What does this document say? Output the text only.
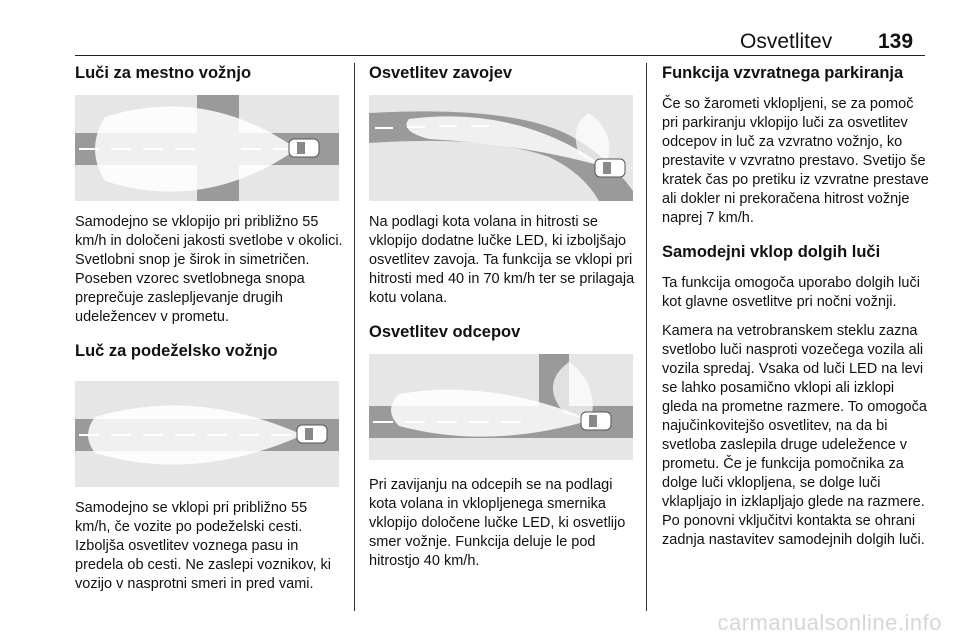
Osvetlitev 139
Luči za mestno vožnjo

Samodejno se vklopijo pri približno 55 km/h in določeni jakosti svetlobe v okolici. Svetlobni snop je širok in simetričen. Poseben vzorec svetlobnega snopa preprečuje zaslepljevanje drugih udeležencev v prometu.

Luč za podeželsko vožnjo

Samodejno se vklopi pri približno 55 km/h, če vozite po podeželski cesti. Izboljša osvetlitev voznega pasu in predela ob cesti. Ne zaslepi voznikov, ki vozijo v nasprotni smeri in pred vami.

Osvetlitev zavojev

Na podlagi kota volana in hitrosti se vklopijo dodatne lučke LED, ki izboljšajo osvetlitev zavoja. Ta funkcija se vklopi pri hitrosti med 40 in 70 km/h ter se prilagaja kotu volana.

Osvetlitev odcepov

Pri zavijanju na odcepih se na podlagi kota volana in vklopljenega smernika vklopijo določene lučke LED, ki osvetlijo smer vožnje. Funkcija deluje le pod hitrostjo 40 km/h.

Funkcija vzvratnega parkiranja

Če so žarometi vklopljeni, se za pomoč pri parkiranju vklopijo luči za osvetlitev odcepov in luč za vzvratno vožnjo, ko prestavite v vzvratno prestavo. Svetijo še kratek čas po pretiku iz vzvratne prestave ali dokler ni prekoračena hitrost vožnje naprej 7 km/h.

Samodejni vklop dolgih luči

Ta funkcija omogoča uporabo dolgih luči kot glavne osvetlitve pri nočni vožnji.

Kamera na vetrobranskem steklu zazna svetlobo luči nasproti vozečega vozila ali vozila spredaj. Vsaka od luči LED na levi se lahko posamično vklopi ali izklopi gleda na prometne razmere. To omogoča najučinkovitejšo osvetlitev, na da bi svetloba zaslepila druge udeležence v prometu. Če je funkcija pomočnika za dolge luči vklopljena, se dolge luči vklapljajo in izklapljajo glede na razmere. Po ponovni vključitvi kontakta se ohrani zadnja nastavitev samodejnih dolgih luči.

carmanualsonline.info
